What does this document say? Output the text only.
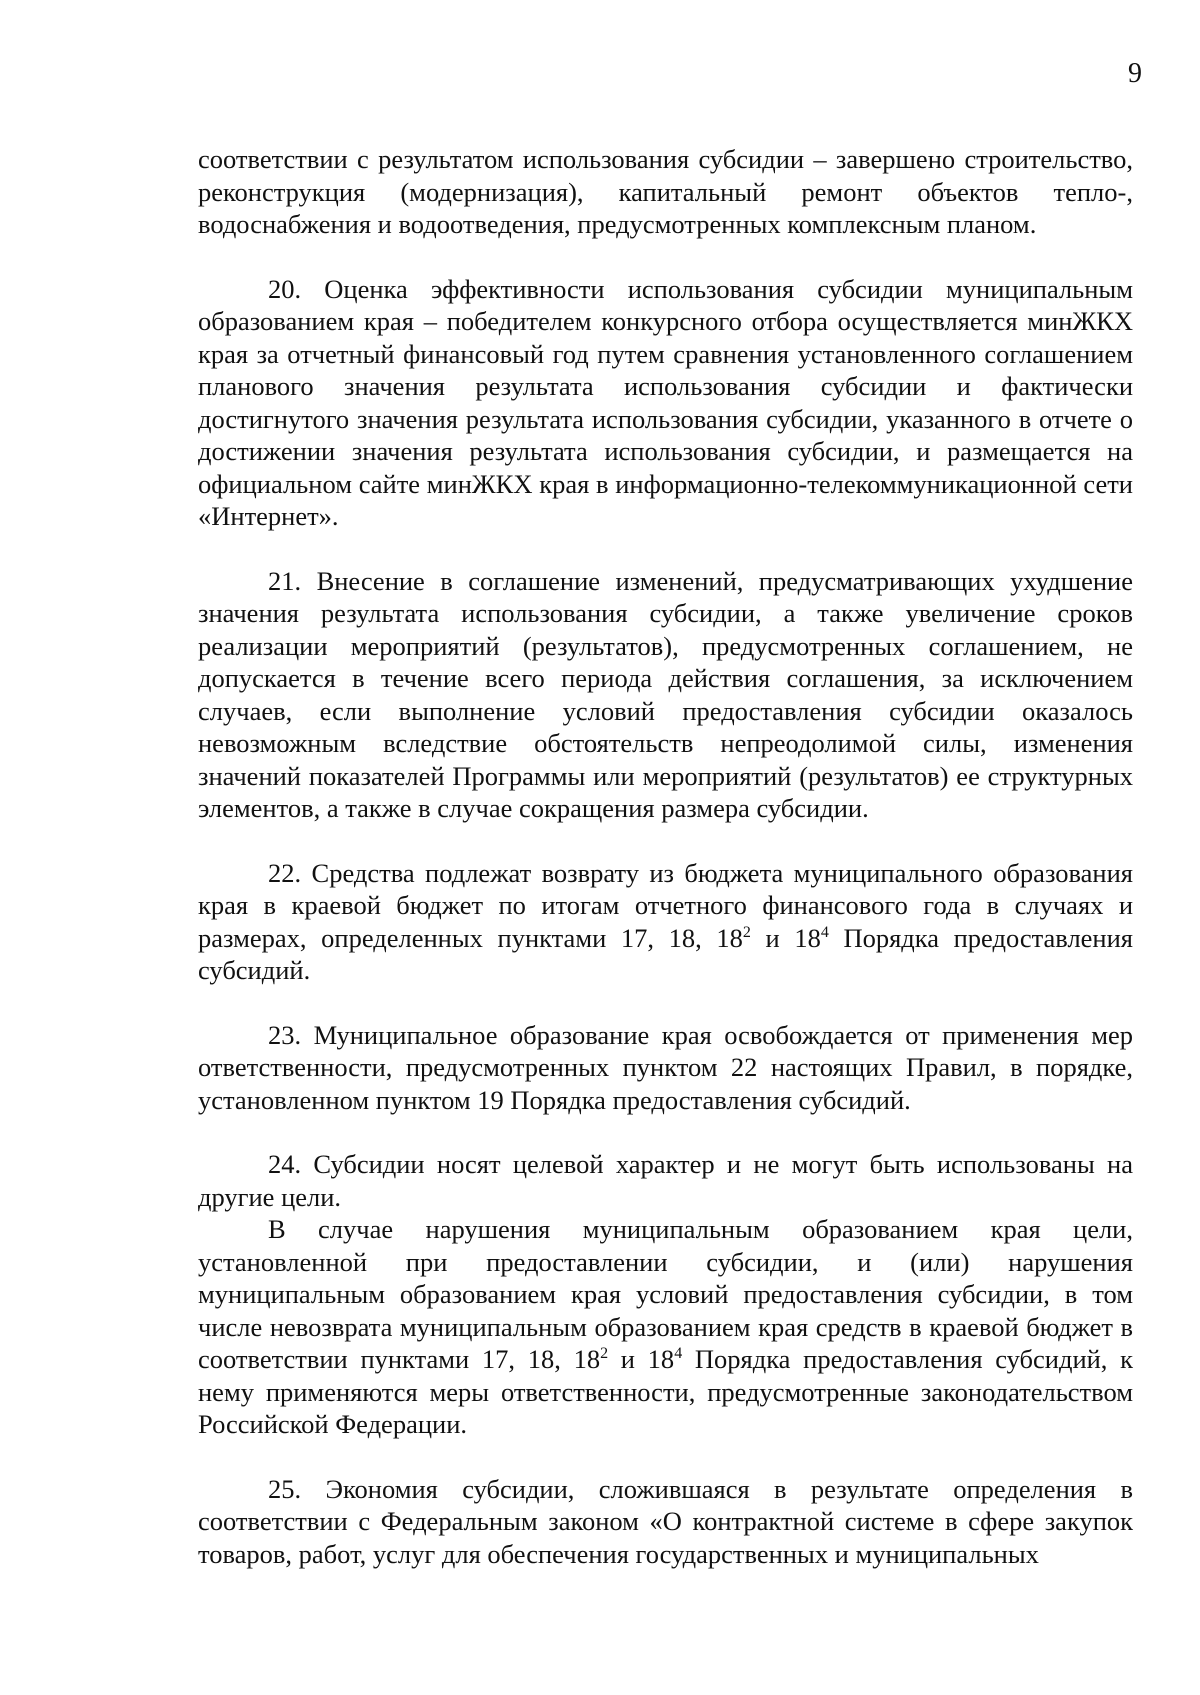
9

соответствии с результатом использования субсидии – завершено строительство, реконструкция (модернизация), капитальный ремонт объектов тепло-, водоснабжения и водоотведения, предусмотренных комплексным планом.

20. Оценка эффективности использования субсидии муниципальным образованием края – победителем конкурсного отбора осуществляется минЖКХ края за отчетный финансовый год путем сравнения установленного соглашением планового значения результата использования субсидии и фактически достигнутого значения результата использования субсидии, указанного в отчете о достижении значения результата использования субсидии, и размещается на официальном сайте минЖКХ края в информационно-телекоммуникационной сети «Интернет».

21. Внесение в соглашение изменений, предусматривающих ухудшение значения результата использования субсидии, а также увеличение сроков реализации мероприятий (результатов), предусмотренных соглашением, не допускается в течение всего периода действия соглашения, за исключением случаев, если выполнение условий предоставления субсидии оказалось невозможным вследствие обстоятельств непреодолимой силы, изменения значений показателей Программы или мероприятий (результатов) ее структурных элементов, а также в случае сокращения размера субсидии.

22. Средства подлежат возврату из бюджета муниципального образования края в краевой бюджет по итогам отчетного финансового года в случаях и размерах, определенных пунктами 17, 18, $18^2$ и $18^4$ Порядка предоставления субсидий.

23. Муниципальное образование края освобождается от применения мер ответственности, предусмотренных пунктом 22 настоящих Правил, в порядке, установленном пунктом 19 Порядка предоставления субсидий.

24. Субсидии носят целевой характер и не могут быть использованы на другие цели.

В случае нарушения муниципальным образованием края цели, установленной при предоставлении субсидии, и (или) нарушения муниципальным образованием края условий предоставления субсидии, в том числе невозврата муниципальным образованием края средств в краевой бюджет в соответствии пунктами 17, 18, $18^2$ и $18^4$ Порядка предоставления субсидий, к нему применяются меры ответственности, предусмотренные законодательством Российской Федерации.

25. Экономия субсидии, сложившаяся в результате определения в соответствии с Федеральным законом «О контрактной системе в сфере закупок товаров, работ, услуг для обеспечения государственных и муниципальных
